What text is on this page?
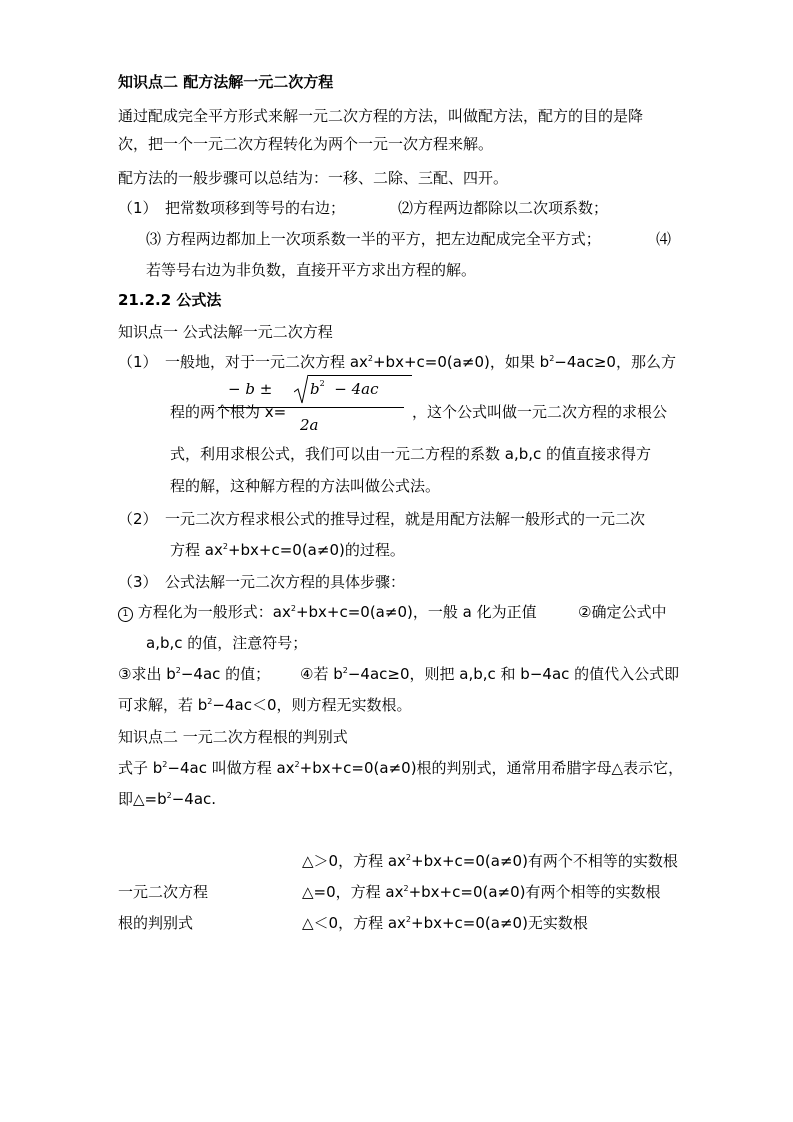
知识点二 配方法解一元二次方程
通过配成完全平方形式来解一元二次方程的方法，叫做配方法，配方的目的是降
次，把一个一元二次方程转化为两个一元一次方程来解。
配方法的一般步骤可以总结为：一移、二除、三配、四开。
（1）　把常数项移到等号的右边；	⑵方程两边都除以二次项系数；
⑶ 方程两边都加上一次项系数一半的平方，把左边配成完全平方式；	⑷
若等号右边为非负数，直接开平方求出方程的解。
21.2.2 公式法
知识点一 公式法解一元二次方程
（1）　一般地，对于一元二次方程 $ax^2+bx+c=0(a\ne 0)$，如果 $b^2-4ac\ge 0$，那么方
程的两个根为 x=
− b ±	$b^2 - 4ac$
2a
，这个公式叫做一元二次方程的求根公
式，利用求根公式，我们可以由一元二方程的系数 a,b,c 的值直接求得方
程的解，这种解方程的方法叫做公式法。
（2）　一元二次方程求根公式的推导过程，就是用配方法解一般形式的一元二次
方程 $ax^2+bx+c=0(a\ne 0)$的过程。
（3）　公式法解一元二次方程的具体步骤：
1 方程化为一般形式：$ax^2+bx+c=0(a\ne 0)$，一般 a 化为正值	②确定公式中
a,b,c 的值，注意符号；
③求出 $b^2-4ac$ 的值； ④若 $b^2-4ac\ge 0$，则把 a,b,c 和 b−4ac 的值代入公式即
可求解，若 $b^2-4ac<0$，则方程无实数根。
知识点二 一元二次方程根的判别式
式子 $b^2-4ac$ 叫做方程 $ax^2+bx+c=0(a\ne 0)$根的判别式，通常用希腊字母△表示它，
即$\triangle=b^2-4ac$.
△＞0，方程 $ax^2+bx+c=0(a\ne 0)$有两个不相等的实数根
一元二次方程	△=0，方程 $ax^2+bx+c=0(a\ne 0)$有两个相等的实数根
根的判别式	△＜0，方程 $ax^2+bx+c=0(a\ne 0)$无实数根
